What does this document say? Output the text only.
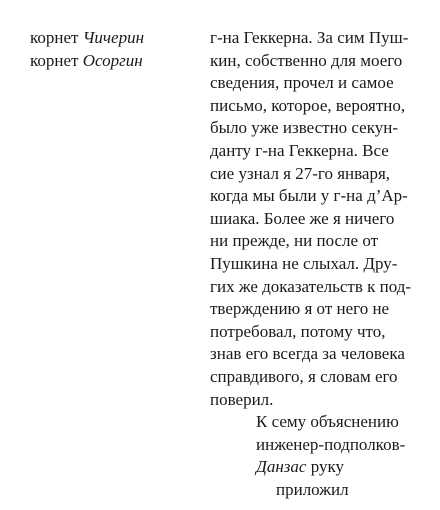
корнет Чичерин
корнет Осоргин
г-на Геккерна. За сим Пуш-
кин, собственно для моего
сведения, прочел и самое
письмо, которое, вероятно,
было уже известно секун-
данту г-на Геккерна. Все
сие узнал я 27-го января,
когда мы были у г-на д’Ар-
шиака. Более же я ничего
ни прежде, ни после от
Пушкина не слыхал. Дру-
гих же доказательств к под-
тверждению я от него не
потребовал, потому что,
знав его всегда за человека
справдивого, я словам его
поверил.
К сему объяснению
инженер-подполков-
Данзас руку
приложил
